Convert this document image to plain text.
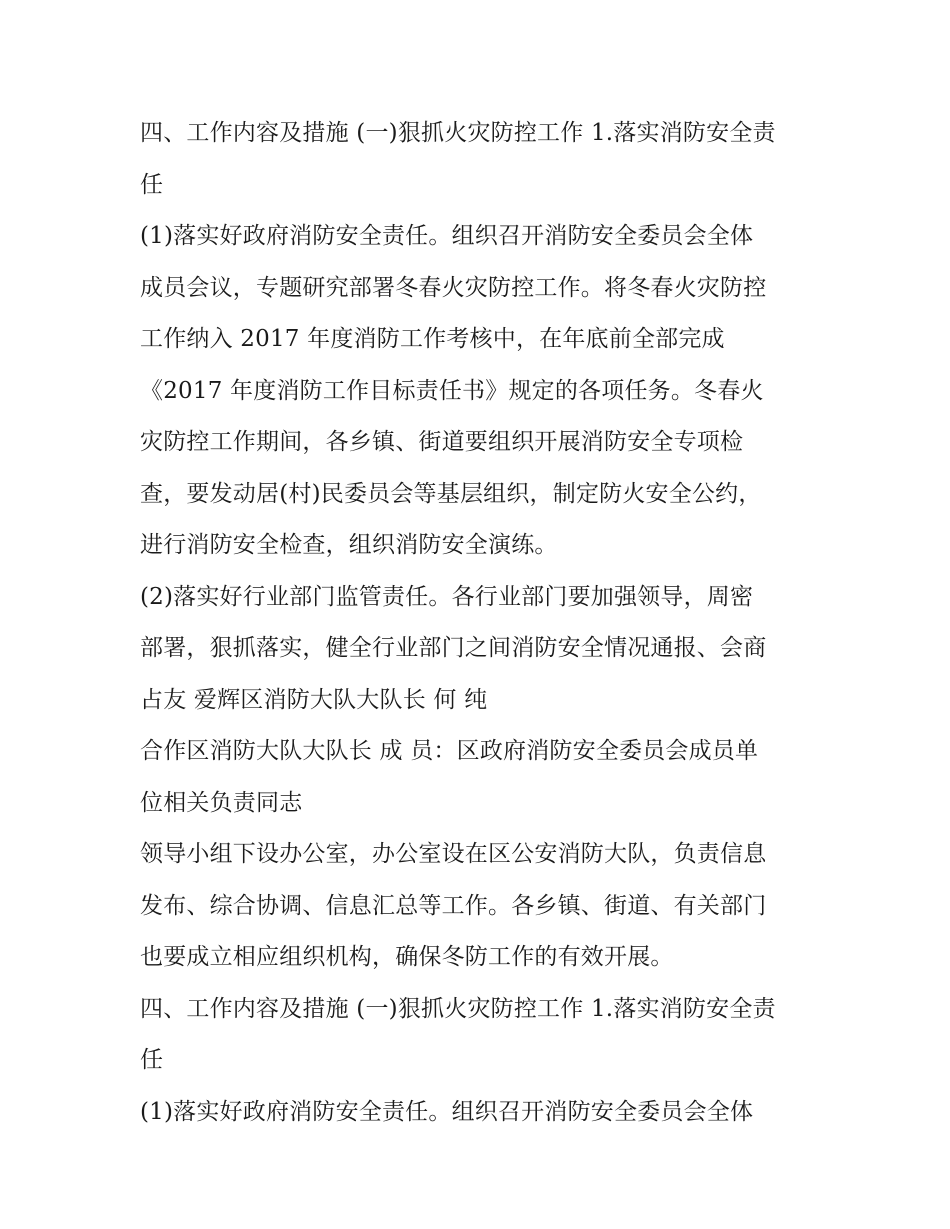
四、工作内容及措施 (一)狠抓火灾防控工作 1.落实消防安全责
任
(1)落实好政府消防安全责任。组织召开消防安全委员会全体
成员会议，专题研究部署冬春火灾防控工作。将冬春火灾防控
工作纳入 2017 年度消防工作考核中，在年底前全部完成
《2017 年度消防工作目标责任书》规定的各项任务。冬春火
灾防控工作期间，各乡镇、街道要组织开展消防安全专项检
查，要发动居(村)民委员会等基层组织，制定防火安全公约，
进行消防安全检查，组织消防安全演练。
(2)落实好行业部门监管责任。各行业部门要加强领导，周密
部署，狠抓落实，健全行业部门之间消防安全情况通报、会商
占友 爱辉区消防大队大队长 何 纯
合作区消防大队大队长 成 员：区政府消防安全委员会成员单
位相关负责同志
领导小组下设办公室，办公室设在区公安消防大队，负责信息
发布、综合协调、信息汇总等工作。各乡镇、街道、有关部门
也要成立相应组织机构，确保冬防工作的有效开展。
四、工作内容及措施 (一)狠抓火灾防控工作 1.落实消防安全责
任
(1)落实好政府消防安全责任。组织召开消防安全委员会全体
